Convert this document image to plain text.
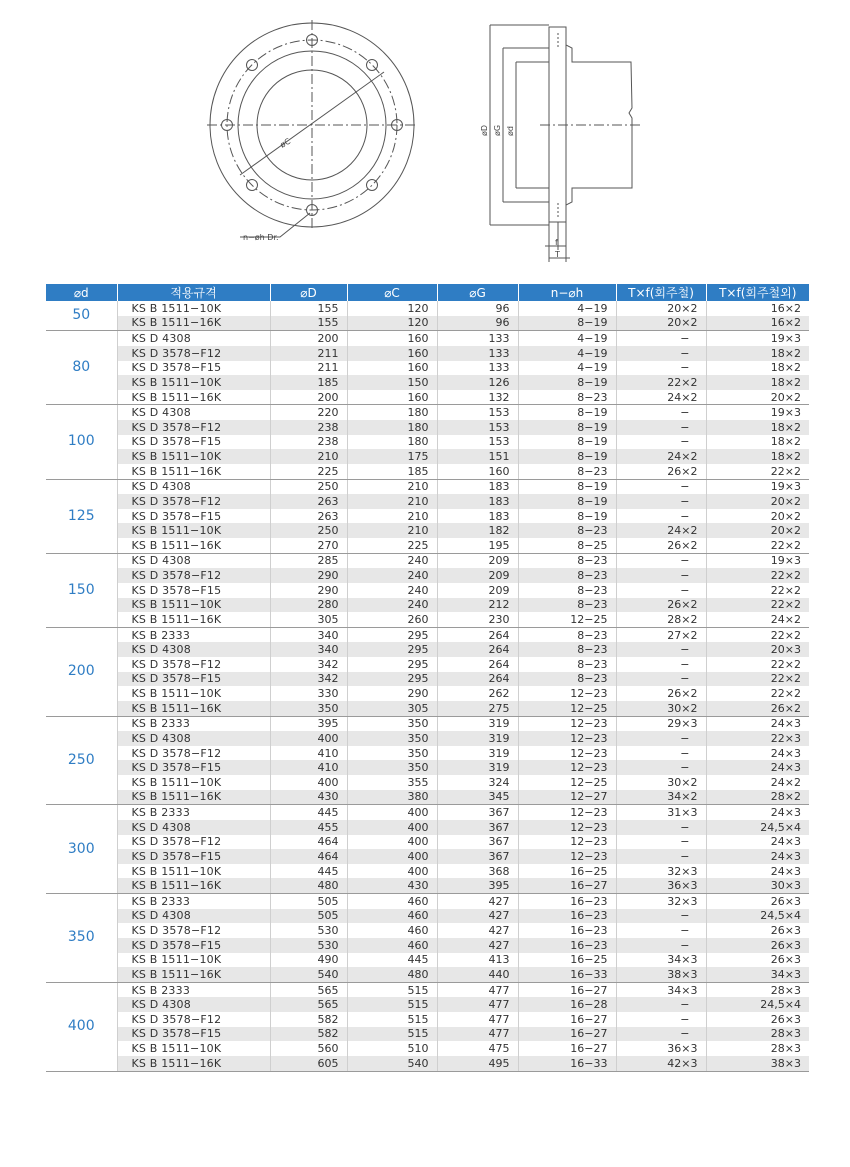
øC
n−øh Dr.
øD øG ød
f
T
⌀d	적용규격	⌀D	⌀C	⌀G	n−⌀h	T×f(회주철)	T×f(회주철외)
50	KS B 1511−10K	155	120	96	4−19	20×2	16×2
	KS B 1511−16K	155	120	96	8−19	20×2	16×2
80	KS D 4308	200	160	133	4−19	−	19×3
	KS D 3578−F12	211	160	133	4−19	−	18×2
	KS D 3578−F15	211	160	133	4−19	−	18×2
	KS B 1511−10K	185	150	126	8−19	22×2	18×2
	KS B 1511−16K	200	160	132	8−23	24×2	20×2
100	KS D 4308	220	180	153	8−19	−	19×3
	KS D 3578−F12	238	180	153	8−19	−	18×2
	KS D 3578−F15	238	180	153	8−19	−	18×2
	KS B 1511−10K	210	175	151	8−19	24×2	18×2
	KS B 1511−16K	225	185	160	8−23	26×2	22×2
125	KS D 4308	250	210	183	8−19	−	19×3
	KS D 3578−F12	263	210	183	8−19	−	20×2
	KS D 3578−F15	263	210	183	8−19	−	20×2
	KS B 1511−10K	250	210	182	8−23	24×2	20×2
	KS B 1511−16K	270	225	195	8−25	26×2	22×2
150	KS D 4308	285	240	209	8−23	−	19×3
	KS D 3578−F12	290	240	209	8−23	−	22×2
	KS D 3578−F15	290	240	209	8−23	−	22×2
	KS B 1511−10K	280	240	212	8−23	26×2	22×2
	KS B 1511−16K	305	260	230	12−25	28×2	24×2
200	KS B 2333	340	295	264	8−23	27×2	22×2
	KS D 4308	340	295	264	8−23	−	20×3
	KS D 3578−F12	342	295	264	8−23	−	22×2
	KS D 3578−F15	342	295	264	8−23	−	22×2
	KS B 1511−10K	330	290	262	12−23	26×2	22×2
	KS B 1511−16K	350	305	275	12−25	30×2	26×2
250	KS B 2333	395	350	319	12−23	29×3	24×3
	KS D 4308	400	350	319	12−23	−	22×3
	KS D 3578−F12	410	350	319	12−23	−	24×3
	KS D 3578−F15	410	350	319	12−23	−	24×3
	KS B 1511−10K	400	355	324	12−25	30×2	24×2
	KS B 1511−16K	430	380	345	12−27	34×2	28×2
300	KS B 2333	445	400	367	12−23	31×3	24×3
	KS D 4308	455	400	367	12−23	−	24,5×4
	KS D 3578−F12	464	400	367	12−23	−	24×3
	KS D 3578−F15	464	400	367	12−23	−	24×3
	KS B 1511−10K	445	400	368	16−25	32×3	24×3
	KS B 1511−16K	480	430	395	16−27	36×3	30×3
350	KS B 2333	505	460	427	16−23	32×3	26×3
	KS D 4308	505	460	427	16−23	−	24,5×4
	KS D 3578−F12	530	460	427	16−23	−	26×3
	KS D 3578−F15	530	460	427	16−23	−	26×3
	KS B 1511−10K	490	445	413	16−25	34×3	26×3
	KS B 1511−16K	540	480	440	16−33	38×3	34×3
400	KS B 2333	565	515	477	16−27	34×3	28×3
	KS D 4308	565	515	477	16−28	−	24,5×4
	KS D 3578−F12	582	515	477	16−27	−	26×3
	KS D 3578−F15	582	515	477	16−27	−	28×3
	KS B 1511−10K	560	510	475	16−27	36×3	28×3
	KS B 1511−16K	605	540	495	16−33	42×3	38×3
